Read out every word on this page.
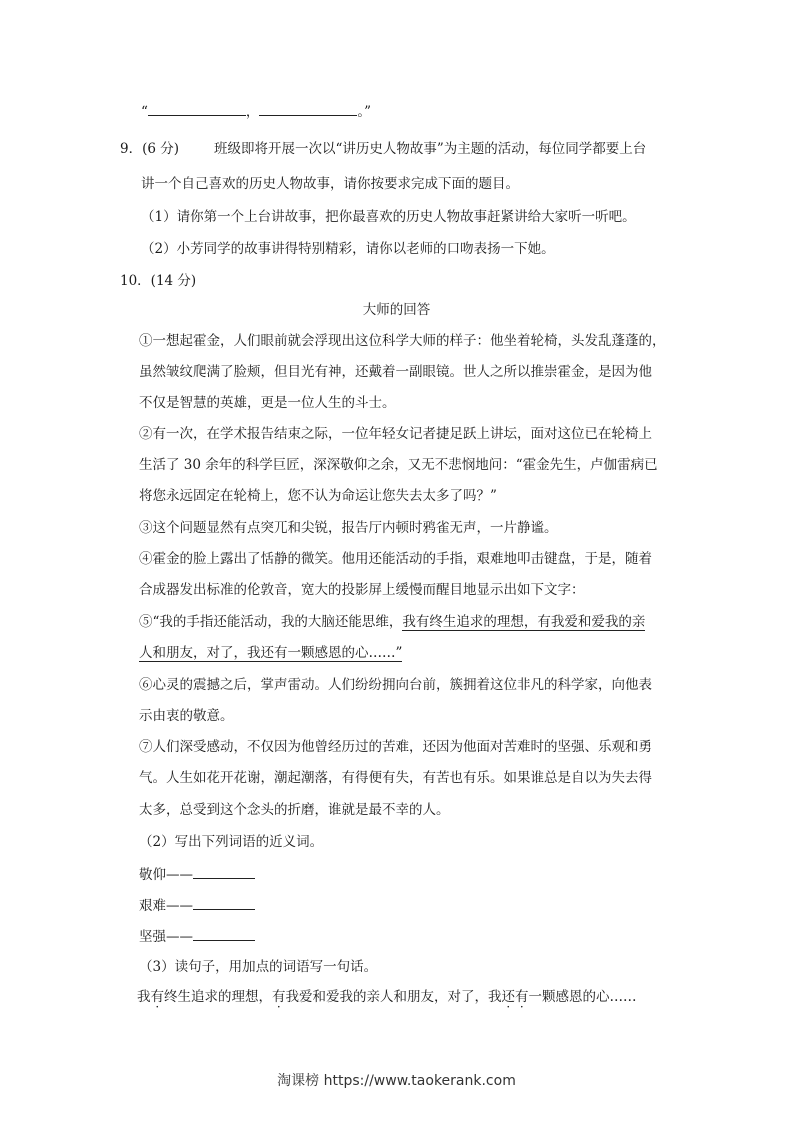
“	，	。”
9．(6 分)	班级即将开展一次以“讲历史人物故事”为主题的活动，每位同学都要上台
讲一个自己喜欢的历史人物故事，请你按要求完成下面的题目。
（1）请你第一个上台讲故事，把你最喜欢的历史人物故事赶紧讲给大家听一听吧。
（2）小芳同学的故事讲得特别精彩，请你以老师的口吻表扬一下她。
10．(14 分)
大师的回答
①一想起霍金，人们眼前就会浮现出这位科学大师的样子：他坐着轮椅，头发乱蓬蓬的，
虽然皱纹爬满了脸颊，但目光有神，还戴着一副眼镜。世人之所以推崇霍金，是因为他
不仅是智慧的英雄，更是一位人生的斗士。
②有一次，在学术报告结束之际，一位年轻女记者捷足跃上讲坛，面对这位已在轮椅上
生活了 30 余年的科学巨匠，深深敬仰之余，又无不悲悯地问：“霍金先生，卢伽雷病已
将您永远固定在轮椅上，您不认为命运让您失去太多了吗？”
③这个问题显然有点突兀和尖锐，报告厅内顿时鸦雀无声，一片静谧。
④霍金的脸上露出了恬静的微笑。他用还能活动的手指，艰难地叩击键盘，于是，随着
合成器发出标准的伦敦音，宽大的投影屏上缓慢而醒目地显示出如下文字：
⑤“我的手指还能活动，我的大脑还能思维，我有终生追求的理想，有我爱和爱我的亲
人和朋友，对了，我还有一颗感恩的心……”
⑥心灵的震撼之后，掌声雷动。人们纷纷拥向台前，簇拥着这位非凡的科学家，向他表
示由衷的敬意。
⑦人们深受感动，不仅因为他曾经历过的苦难，还因为他面对苦难时的坚强、乐观和勇
气。人生如花开花谢，潮起潮落，有得便有失，有苦也有乐。如果谁总是自以为失去得
太多，总受到这个念头的折磨，谁就是最不幸的人。
（2）写出下列词语的近义词。
敬仰——
艰难——
坚强——
（3）读句子，用加点的词语写一句话。
我有终生追求的理想，有我爱和爱我的亲人和朋友，对了，我还有一颗感恩的心……
淘课榜 https://www.taokerank.com
